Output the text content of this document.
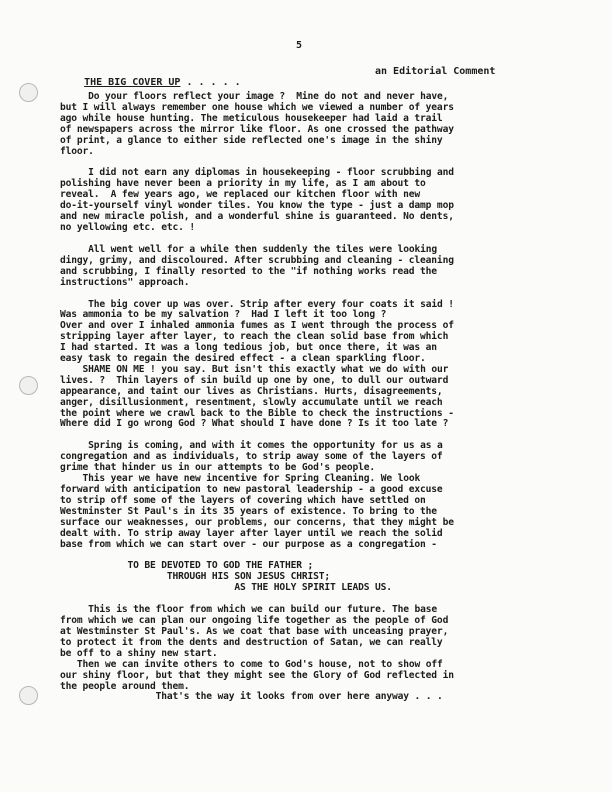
5

THE BIG COVER UP . . . . .

an Editorial Comment

Do your floors reflect your image ?  Mine do not and never have,
but I will always remember one house which we viewed a number of years
ago while house hunting. The meticulous housekeeper had laid a trail
of newspapers across the mirror like floor. As one crossed the pathway
of print, a glance to either side reflected one's image in the shiny
floor.

I did not earn any diplomas in housekeeping - floor scrubbing and
polishing have never been a priority in my life, as I am about to
reveal.  A few years ago, we replaced our kitchen floor with new
do-it-yourself vinyl wonder tiles. You know the type - just a damp mop
and new miracle polish, and a wonderful shine is guaranteed. No dents,
no yellowing etc. etc. !

All went well for a while then suddenly the tiles were looking
dingy, grimy, and discoloured. After scrubbing and cleaning - cleaning
and scrubbing, I finally resorted to the "if nothing works read the
instructions" approach.

The big cover up was over. Strip after every four coats it said !
Was ammonia to be my salvation ?  Had I left it too long ?
Over and over I inhaled ammonia fumes as I went through the process of
stripping layer after layer, to reach the clean solid base from which
I had started. It was a long tedious job, but once there, it was an
easy task to regain the desired effect - a clean sparkling floor.
SHAME ON ME ! you say. But isn't this exactly what we do with our
lives. ?  Thin layers of sin build up one by one, to dull our outward
appearance, and taint our lives as Christians. Hurts, disagreements,
anger, disillusionment, resentment, slowly accumulate until we reach
the point where we crawl back to the Bible to check the instructions -
Where did I go wrong God ? What should I have done ? Is it too late ?

Spring is coming, and with it comes the opportunity for us as a
congregation and as individuals, to strip away some of the layers of
grime that hinder us in our attempts to be God's people.
This year we have new incentive for Spring Cleaning. We look
forward with anticipation to new pastoral leadership - a good excuse
to strip off some of the layers of covering which have settled on
Westminster St Paul's in its 35 years of existence. To bring to the
surface our weaknesses, our problems, our concerns, that they might be
dealt with. To strip away layer after layer until we reach the solid
base from which we can start over - our purpose as a congregation -

TO BE DEVOTED TO GOD THE FATHER ;

THROUGH HIS SON JESUS CHRIST;

AS THE HOLY SPIRIT LEADS US.

This is the floor from which we can build our future. The base
from which we can plan our ongoing life together as the people of God
at Westminster St Paul's. As we coat that base with unceasing prayer,
to protect it from the dents and destruction of Satan, we can really
be off to a shiny new start.
Then we can invite others to come to God's house, not to show off
our shiny floor, but that they might see the Glory of God reflected in
the people around them.
That's the way it looks from over here anyway . . .
